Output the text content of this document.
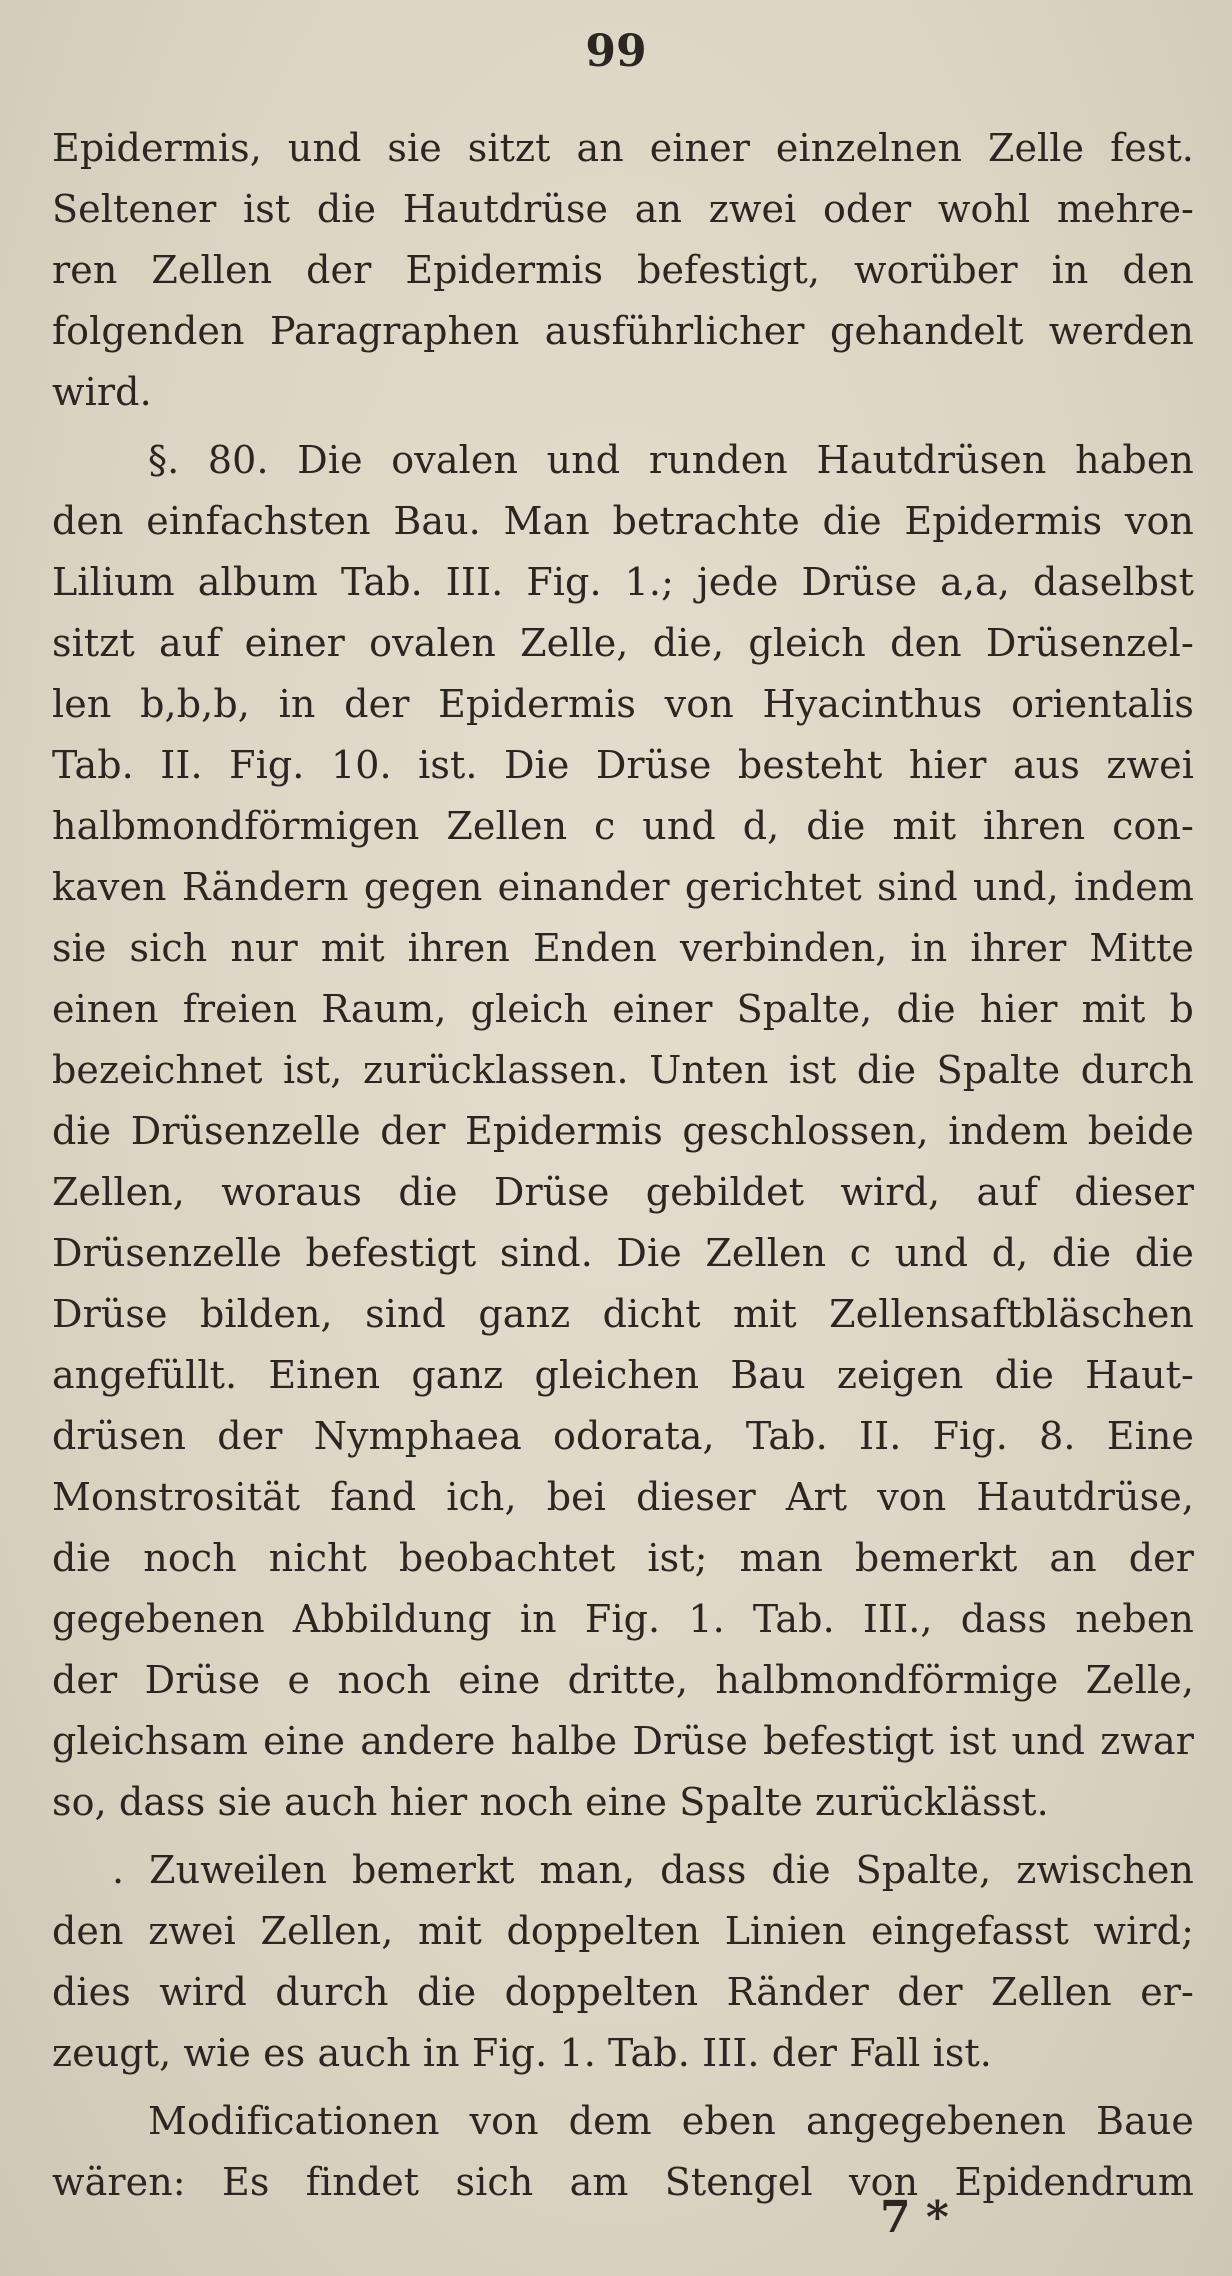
99
Epidermis, und sie sitzt an einer einzelnen Zelle fest.
Seltener ist die Hautdrüse an zwei oder wohl mehre-
ren Zellen der Epidermis befestigt, worüber in den
folgenden Paragraphen ausführlicher gehandelt werden
wird.
§. 80. Die ovalen und runden Hautdrüsen haben
den einfachsten Bau. Man betrachte die Epidermis von
Lilium album Tab. III. Fig. 1.; jede Drüse a,a, daselbst
sitzt auf einer ovalen Zelle, die, gleich den Drüsenzel-
len b,b,b, in der Epidermis von Hyacinthus orientalis
Tab. II. Fig. 10. ist. Die Drüse besteht hier aus zwei
halbmondförmigen Zellen c und d, die mit ihren con-
kaven Rändern gegen einander gerichtet sind und, indem
sie sich nur mit ihren Enden verbinden, in ihrer Mitte
einen freien Raum, gleich einer Spalte, die hier mit b
bezeichnet ist, zurücklassen. Unten ist die Spalte durch
die Drüsenzelle der Epidermis geschlossen, indem beide
Zellen, woraus die Drüse gebildet wird, auf dieser
Drüsenzelle befestigt sind. Die Zellen c und d, die die
Drüse bilden, sind ganz dicht mit Zellensaftbläschen
angefüllt. Einen ganz gleichen Bau zeigen die Haut-
drüsen der Nymphaea odorata, Tab. II. Fig. 8. Eine
Monstrosität fand ich, bei dieser Art von Hautdrüse,
die noch nicht beobachtet ist; man bemerkt an der
gegebenen Abbildung in Fig. 1. Tab. III., dass neben
der Drüse e noch eine dritte, halbmondförmige Zelle,
gleichsam eine andere halbe Drüse befestigt ist und zwar
so, dass sie auch hier noch eine Spalte zurücklässt.
. Zuweilen bemerkt man, dass die Spalte, zwischen
den zwei Zellen, mit doppelten Linien eingefasst wird;
dies wird durch die doppelten Ränder der Zellen er-
zeugt, wie es auch in Fig. 1. Tab. III. der Fall ist.
Modificationen von dem eben angegebenen Baue
wären: Es findet sich am Stengel von Epidendrum
7 *
